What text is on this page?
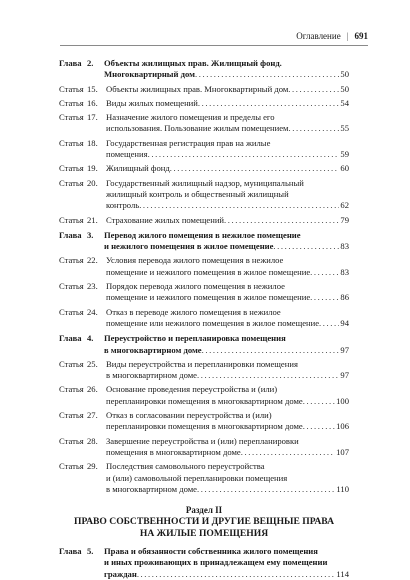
Оглавление | 691
Глава 2.	Объекты жилищных прав. Жилищный фонд.
Многоквартирный дом .....	50
Статья 15. Объекты жилищных прав. Многоквартирный дом .....	50
Статья 16. Виды жилых помещений .....	54
Статья 17. Назначение жилого помещения и пределы его
использования. Пользование жилым помещением .....	55
Статья 18. Государственная регистрация прав на жилые
помещения .....	59
Статья 19. Жилищный фонд .....	60
Статья 20. Государственный жилищный надзор, муниципальный
жилищный контроль и общественный жилищный
контроль .....	62
Статья 21. Страхование жилых помещений .....	79
Глава 3.	Перевод жилого помещения в нежилое помещение
и нежилого помещения в жилое помещение .....	83
Статья 22. Условия перевода жилого помещения в нежилое
помещение и нежилого помещения в жилое помещение .....	83
Статья 23. Порядок перевода жилого помещения в нежилое
помещение и нежилого помещения в жилое помещение .....	86
Статья 24. Отказ в переводе жилого помещения в нежилое
помещение или нежилого помещения в жилое помещение ..... 94
Глава 4.	Переустройство и перепланировка помещения
в многоквартирном доме .....	97
Статья 25. Виды переустройства и перепланировки помещения
в многоквартирном доме .....	97
Статья 26. Основание проведения переустройства и (или)
перепланировки помещения в многоквартирном доме .....	100
Статья 27. Отказ в согласовании переустройства и (или)
перепланировки помещения в многоквартирном доме .....	106
Статья 28. Завершение переустройства и (или) перепланировки
помещения в многоквартирном доме .....	107
Статья 29. Последствия самовольного переустройства
и (или) самовольной перепланировки помещения
в многоквартирном доме .....	110
Раздел II
ПРАВО СОБСТВЕННОСТИ И ДРУГИЕ ВЕЩНЫЕ ПРАВА
НА ЖИЛЫЕ ПОМЕЩЕНИЯ
Глава 5.	Права и обязанности собственника жилого помещения
и иных проживающих в принадлежащем ему помещении
граждан .....	114
